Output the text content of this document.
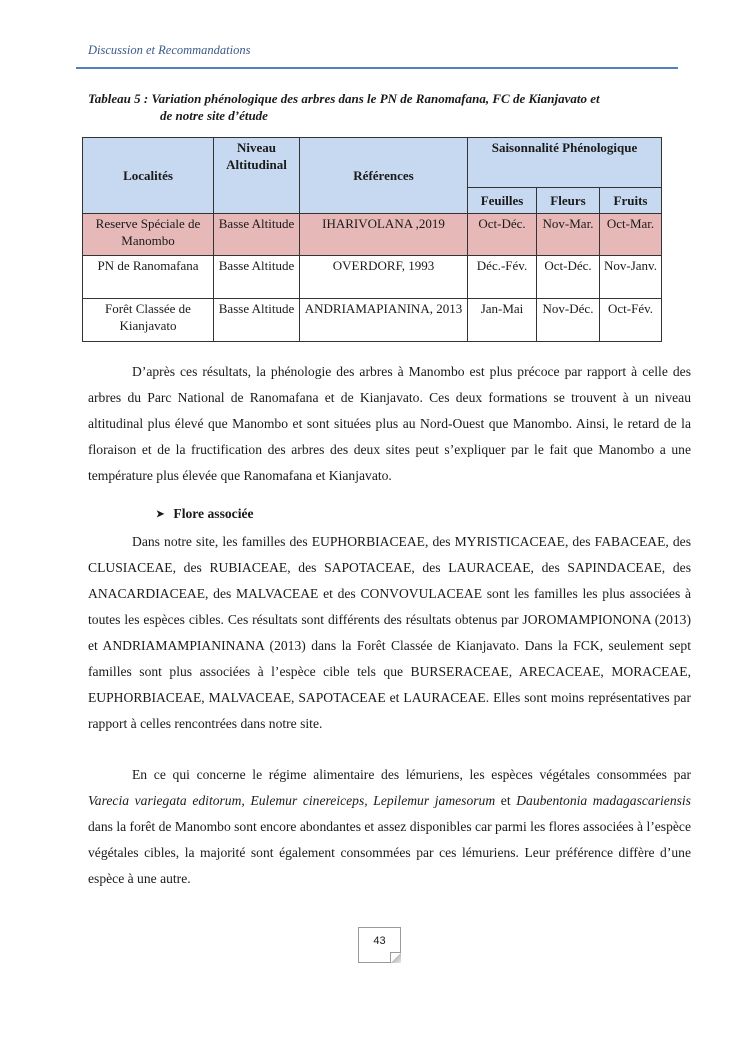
Discussion et Recommandations
Tableau 5 : Variation phénologique des arbres dans le PN de Ranomafana, FC de Kianjavato et
de notre site d’étude
Localités	Niveau Altitudinal	Références	Saisonnalité Phénologique		
			Feuilles	Fleurs	Fruits
Reserve Spéciale de Manombo	Basse Altitude	IHARIVOLANA ,2019	Oct-Déc.	Nov-Mar.	Oct-Mar.
PN de Ranomafana	Basse Altitude	OVERDORF, 1993	Déc.-Fév.	Oct-Déc.	Nov-Janv.
Forêt Classée de Kianjavato	Basse Altitude	ANDRIAMAPIANINA, 2013	Jan-Mai	Nov-Déc.	Oct-Fév.

D’après ces résultats, la phénologie des arbres à Manombo est plus précoce par rapport à celle des arbres du Parc National de Ranomafana et de Kianjavato. Ces deux formations se trouvent à un niveau altitudinal plus élevé que Manombo et sont situées plus au Nord-Ouest que Manombo. Ainsi, le retard de la floraison et de la fructification des arbres des deux sites peut s’expliquer par le fait que Manombo a une température plus élevée que Ranomafana et Kianjavato.

➤ Flore associée

Dans notre site, les familles des EUPHORBIACEAE, des MYRISTICACEAE, des FABACEAE, des CLUSIACEAE, des RUBIACEAE, des SAPOTACEAE, des LAURACEAE, des SAPINDACEAE, des ANACARDIACEAE, des MALVACEAE et des CONVOVULACEAE sont les familles les plus associées à toutes les espèces cibles. Ces résultats sont différents des résultats obtenus par JOROMAMPIONONA (2013) et ANDRIAMAMPIANINANA (2013) dans la Forêt Classée de Kianjavato. Dans la FCK, seulement sept familles sont plus associées à l’espèce cible tels que BURSERACEAE, ARECACEAE, MORACEAE, EUPHORBIACEAE, MALVACEAE, SAPOTACEAE et LAURACEAE. Elles sont moins représentatives par rapport à celles rencontrées dans notre site.

En ce qui concerne le régime alimentaire des lémuriens, les espèces végétales consommées par Varecia variegata editorum, Eulemur cinereiceps, Lepilemur jamesorum et Daubentonia madagascariensis dans la forêt de Manombo sont encore abondantes et assez disponibles car parmi les flores associées à l’espèce végétales cibles, la majorité sont également consommées par ces lémuriens. Leur préférence diffère d’une espèce à une autre.

43
